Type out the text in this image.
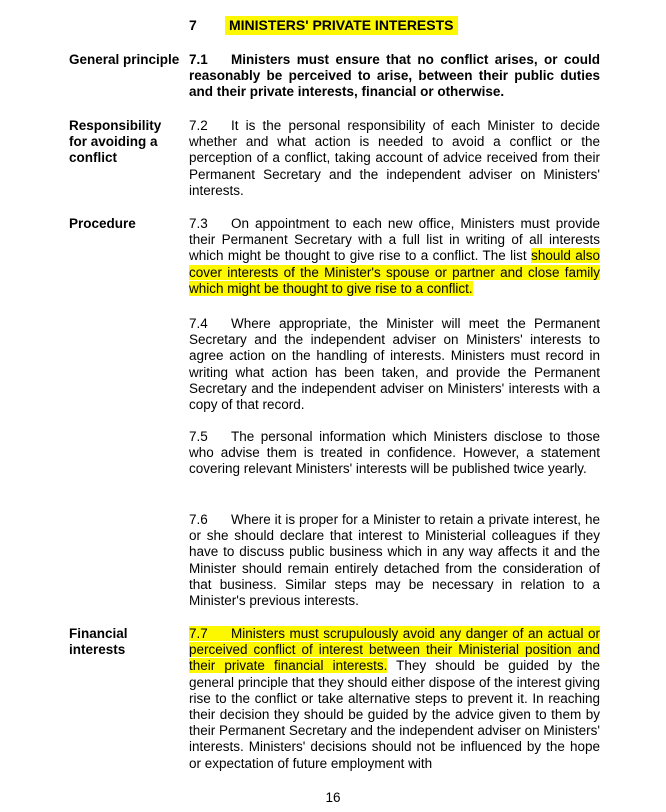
7 MINISTERS' PRIVATE INTERESTS
General principle 7.1 Ministers must ensure that no conflict arises, or could reasonably be perceived to arise, between their public duties and their private interests, financial or otherwise.
Responsibility for avoiding a conflict
7.2 It is the personal responsibility of each Minister to decide whether and what action is needed to avoid a conflict or the perception of a conflict, taking account of advice received from their Permanent Secretary and the independent adviser on Ministers' interests.
Procedure	7.3 On appointment to each new office, Ministers must provide their Permanent Secretary with a full list in writing of all interests which might be thought to give rise to a conflict. The list should also cover interests of the Minister's spouse or partner and close family which might be thought to give rise to a conflict.
7.4 Where appropriate, the Minister will meet the Permanent Secretary and the independent adviser on Ministers' interests to agree action on the handling of interests. Ministers must record in writing what action has been taken, and provide the Permanent Secretary and the independent adviser on Ministers' interests with a copy of that record.
7.5 The personal information which Ministers disclose to those who advise them is treated in confidence. However, a statement covering relevant Ministers' interests will be published twice yearly.
7.6 Where it is proper for a Minister to retain a private interest, he or she should declare that interest to Ministerial colleagues if they have to discuss public business which in any way affects it and the Minister should remain entirely detached from the consideration of that business. Similar steps may be necessary in relation to a Minister's previous interests.
Financial interests
7.7 Ministers must scrupulously avoid any danger of an actual or perceived conflict of interest between their Ministerial position and their private financial interests. They should be guided by the general principle that they should either dispose of the interest giving rise to the conflict or take alternative steps to prevent it. In reaching their decision they should be guided by the advice given to them by their Permanent Secretary and the independent adviser on Ministers' interests. Ministers' decisions should not be influenced by the hope or expectation of future employment with
16
